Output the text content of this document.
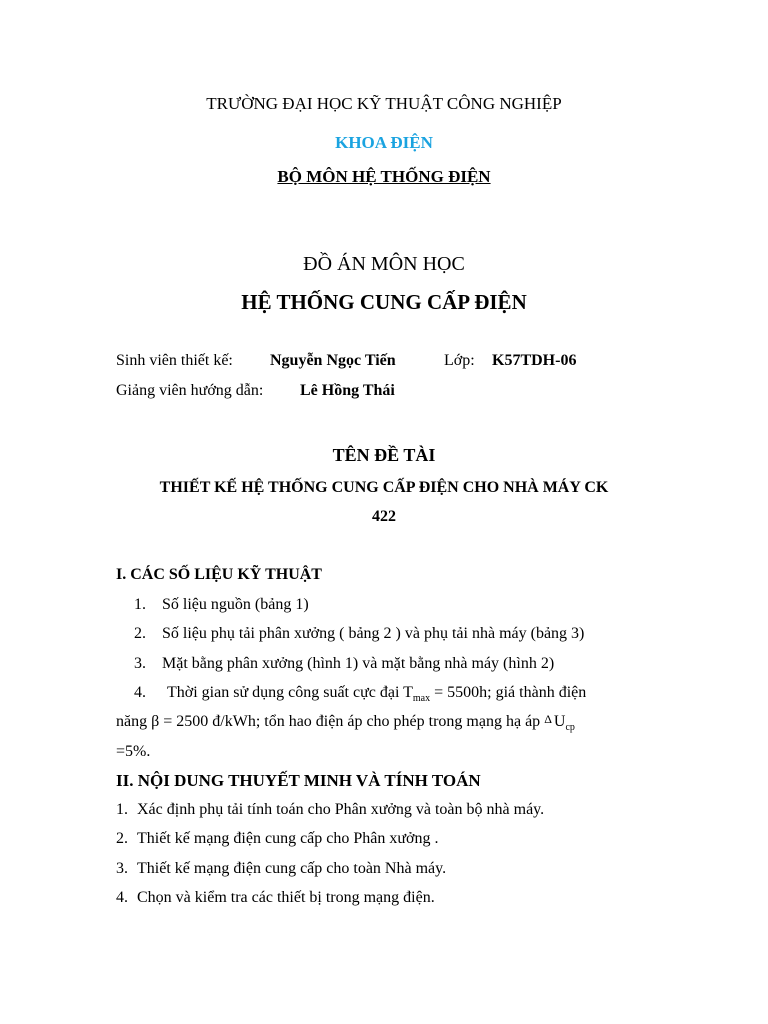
TRƯỜNG ĐẠI HỌC KỸ THUẬT CÔNG NGHIỆP
KHOA ĐIỆN
BỘ MÔN HỆ THỐNG ĐIỆN
ĐỒ ÁN MÔN HỌC
HỆ THỐNG CUNG CẤP ĐIỆN
Sinh viên thiết kế: Nguyễn Ngọc Tiến	Lớp: K57TDH-06
Giảng viên hướng dẫn: Lê Hồng Thái
TÊN ĐỀ TÀI
THIẾT KẾ HỆ THỐNG CUNG CẤP ĐIỆN CHO NHÀ MÁY CK
422
I. CÁC SỐ LIỆU KỸ THUẬT
1. Số liệu nguồn (bảng 1)
2. Số liệu phụ tải phân xưởng ( bảng 2 ) và phụ tải nhà máy (bảng 3)
3. Mặt bằng phân xưởng (hình 1) và mặt bằng nhà máy (hình 2)
4. Thời gian sử dụng công suất cực đại $T_{max} = 5500h$; giá thành điện
năng β = 2500 đ/kWh; tổn hao điện áp cho phép trong mạng hạ áp Δ $U_{cp}$
=5%.
II. NỘI DUNG THUYẾT MINH VÀ TÍNH TOÁN
1. Xác định phụ tải tính toán cho Phân xưởng và toàn bộ nhà máy.
2. Thiết kế mạng điện cung cấp cho Phân xưởng .
3. Thiết kế mạng điện cung cấp cho toàn Nhà máy.
4. Chọn và kiểm tra các thiết bị trong mạng điện.
